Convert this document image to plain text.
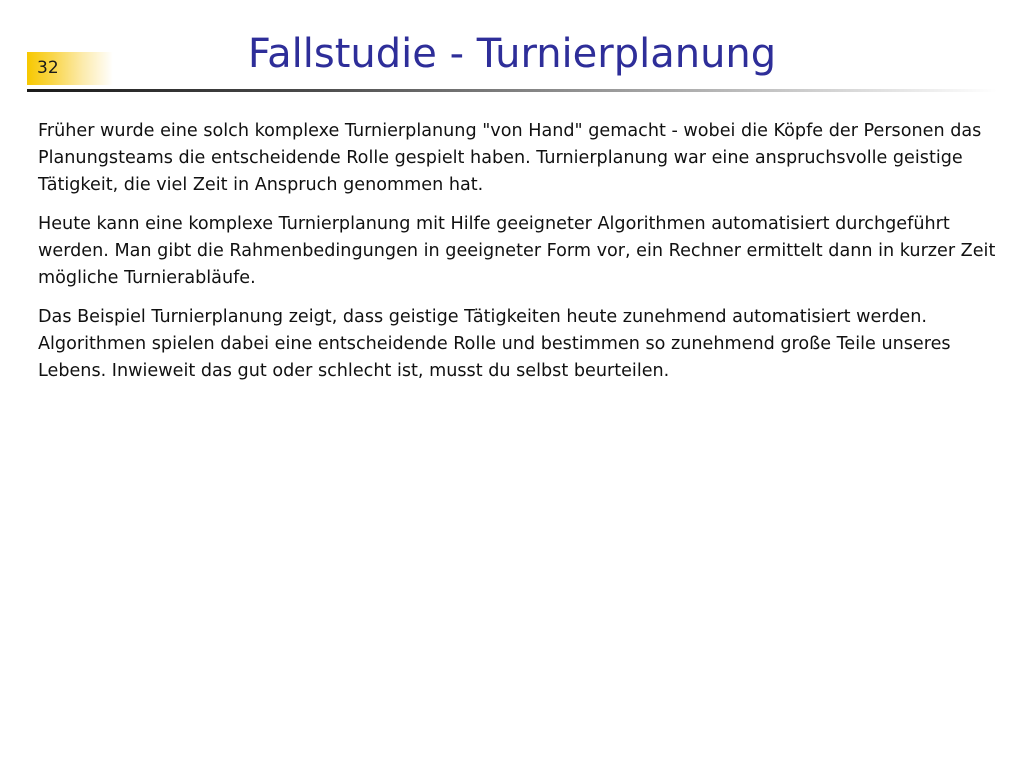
32	Fallstudie - Turnierplanung

Früher wurde eine solch komplexe Turnierplanung "von Hand" gemacht - wobei die Köpfe der Personen das Planungsteams die entscheidende Rolle gespielt haben. Turnierplanung war eine anspruchsvolle geistige Tätigkeit, die viel Zeit in Anspruch genommen hat.

Heute kann eine komplexe Turnierplanung mit Hilfe geeigneter Algorithmen automatisiert durchgeführt werden. Man gibt die Rahmenbedingungen in geeigneter Form vor, ein Rechner ermittelt dann in kurzer Zeit mögliche Turnierabläufe.

Das Beispiel Turnierplanung zeigt, dass geistige Tätigkeiten heute zunehmend automatisiert werden. Algorithmen spielen dabei eine entscheidende Rolle und bestimmen so zunehmend große Teile unseres Lebens. Inwieweit das gut oder schlecht ist, musst du selbst beurteilen.
